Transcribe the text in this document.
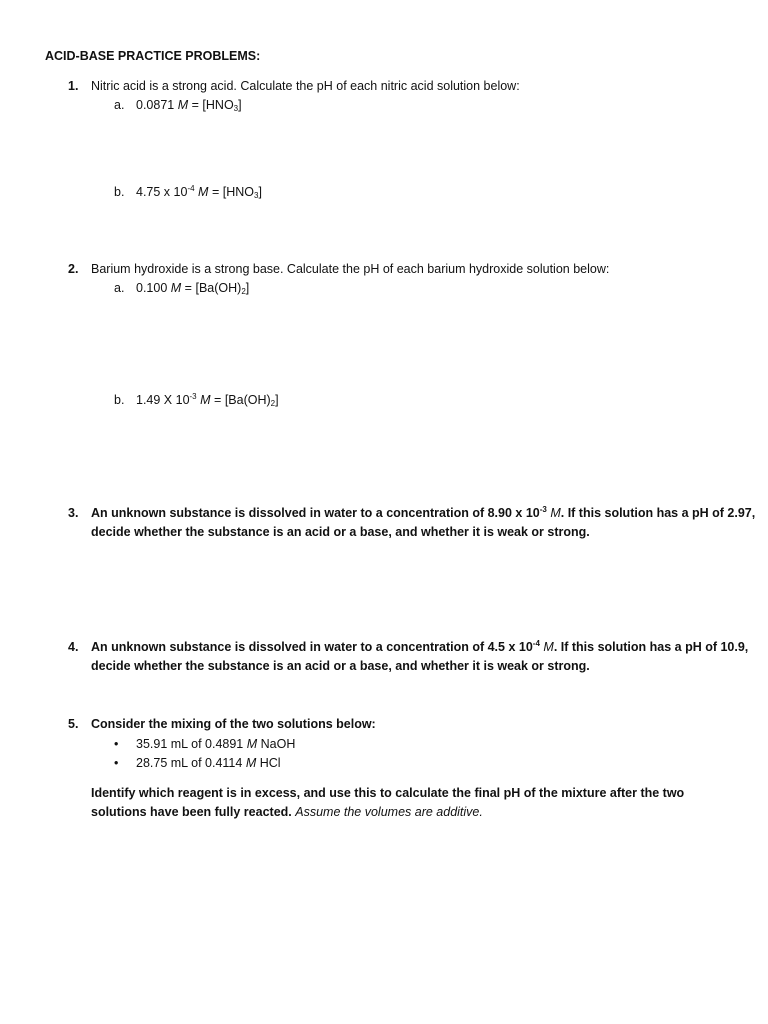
ACID-BASE PRACTICE PROBLEMS:
1. Nitric acid is a strong acid. Calculate the pH of each nitric acid solution below:
a. 0.0871 $M = [HNO_3]$
b. 4.75 x $10^{-4}$ $M = [HNO_3]$
2. Barium hydroxide is a strong base. Calculate the pH of each barium hydroxide solution below:
a. 0.100 $M = [Ba(OH)_2]$
b. 1.49 X $10^{-3}$ $M = [Ba(OH)_2]$
3. An unknown substance is dissolved in water to a concentration of 8.90 x $10^{-3}$ M. If this solution has a pH of 2.97,
decide whether the substance is an acid or a base, and whether it is weak or strong.
4. An unknown substance is dissolved in water to a concentration of 4.5 x $10^{-4}$ M. If this solution has a pH of 10.9,
decide whether the substance is an acid or a base, and whether it is weak or strong.
5. Consider the mixing of the two solutions below:
• 35.91 mL of 0.4891 M NaOH
• 28.75 mL of 0.4114 M HCl
Identify which reagent is in excess, and use this to calculate the final pH of the mixture after the two solutions have been fully reacted. Assume the volumes are additive.
